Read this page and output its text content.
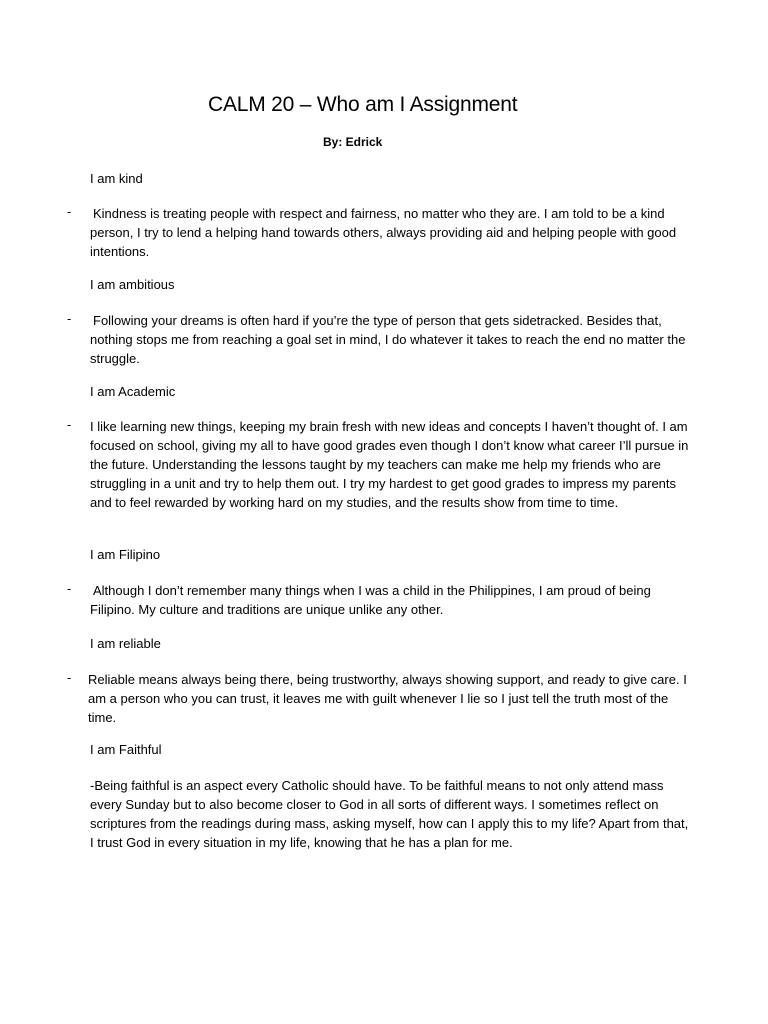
CALM 20 – Who am I Assignment
By: Edrick
I am kind
- Kindness is treating people with respect and fairness, no matter who they are. I am told to be a kind person, I try to lend a helping hand towards others, always providing aid and helping people with good intentions.
I am ambitious
- Following your dreams is often hard if you’re the type of person that gets sidetracked. Besides that, nothing stops me from reaching a goal set in mind, I do whatever it takes to reach the end no matter the struggle.
I am Academic
- I like learning new things, keeping my brain fresh with new ideas and concepts I haven’t thought of. I am focused on school, giving my all to have good grades even though I don’t know what career I’ll pursue in the future. Understanding the lessons taught by my teachers can make me help my friends who are struggling in a unit and try to help them out. I try my hardest to get good grades to impress my parents and to feel rewarded by working hard on my studies, and the results show from time to time.
I am Filipino
- Although I don’t remember many things when I was a child in the Philippines, I am proud of being Filipino. My culture and traditions are unique unlike any other.
I am reliable
- Reliable means always being there, being trustworthy, always showing support, and ready to give care. I am a person who you can trust, it leaves me with guilt whenever I lie so I just tell the truth most of the time.
I am Faithful
-Being faithful is an aspect every Catholic should have. To be faithful means to not only attend mass every Sunday but to also become closer to God in all sorts of different ways. I sometimes reflect on scriptures from the readings during mass, asking myself, how can I apply this to my life? Apart from that, I trust God in every situation in my life, knowing that he has a plan for me.
